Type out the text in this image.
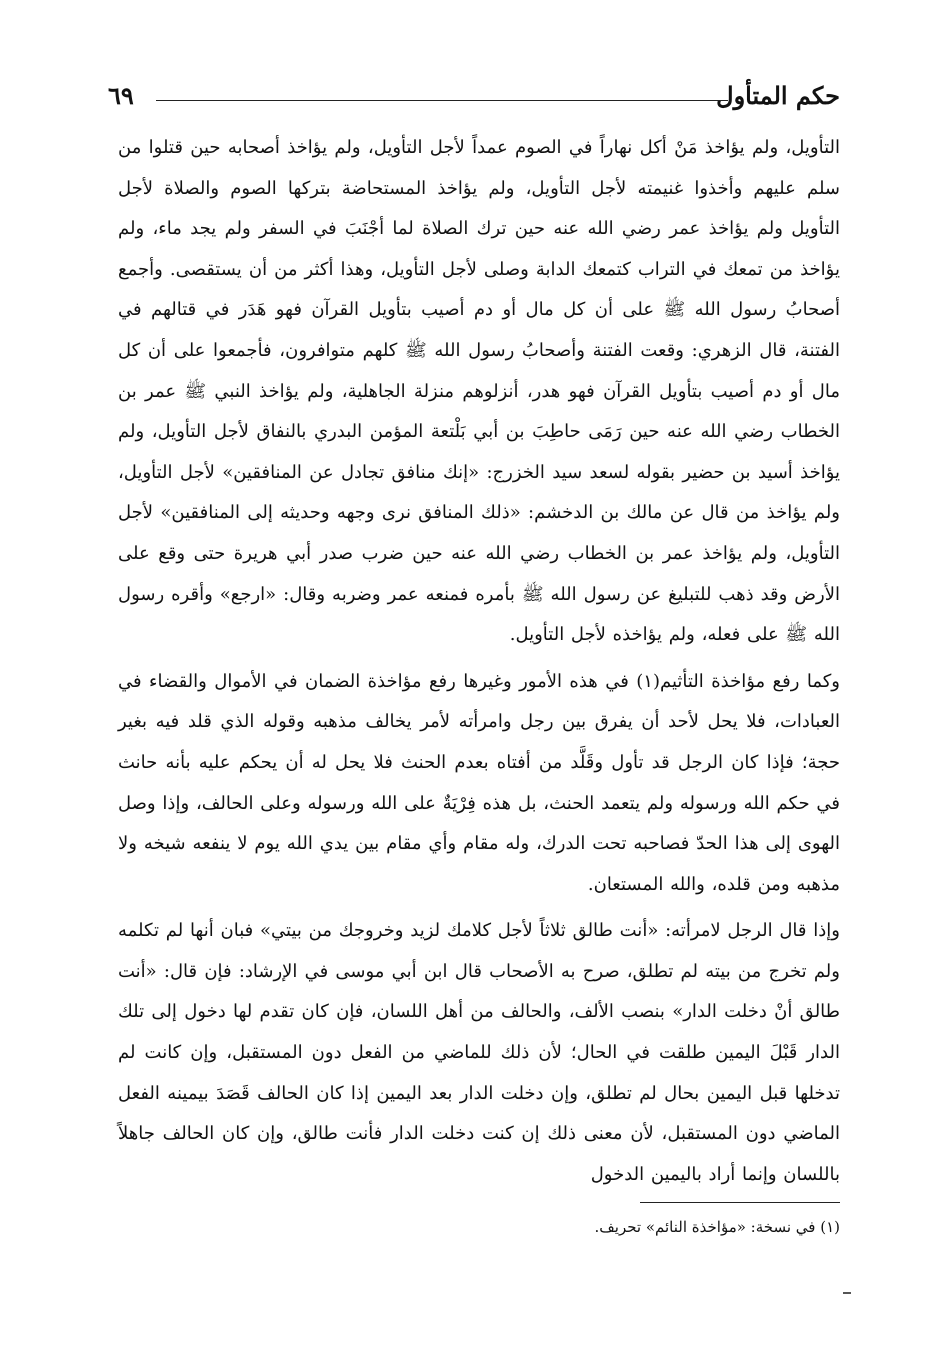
حكم المتأول
٦٩

التأويل، ولم يؤاخذ مَنْ أكل نهاراً في الصوم عمداً لأجل التأويل، ولم يؤاخذ أصحابه حين قتلوا من سلم عليهم وأخذوا غنيمته لأجل التأويل، ولم يؤاخذ المستحاضة بتركها الصوم والصلاة لأجل التأويل ولم يؤاخذ عمر رضي الله عنه حين ترك الصلاة لما أجْنَبَ في السفر ولم يجد ماء، ولم يؤاخذ من تمعك في التراب كتمعك الدابة وصلى لأجل التأويل، وهذا أكثر من أن يستقصى. وأجمع أصحابُ رسول الله ﷺ على أن كل مال أو دم أصيب بتأويل القرآن فهو هَدَر في قتالهم في الفتنة، قال الزهري: وقعت الفتنة وأصحابُ رسول الله ﷺ كلهم متوافرون، فأجمعوا على أن كل مال أو دم أصيب بتأويل القرآن فهو هدر، أنزلوهم منزلة الجاهلية، ولم يؤاخذ النبي ﷺ عمر بن الخطاب رضي الله عنه حين رَمَى حاطِبَ بن أبي بَلْتعة المؤمن البدري بالنفاق لأجل التأويل، ولم يؤاخذ أسيد بن حضير بقوله لسعد سيد الخزرج: «إنك منافق تجادل عن المنافقين» لأجل التأويل، ولم يؤاخذ من قال عن مالك بن الدخشم: «ذلك المنافق نرى وجهه وحديثه إلى المنافقين» لأجل التأويل، ولم يؤاخذ عمر بن الخطاب رضي الله عنه حين ضرب صدر أبي هريرة حتى وقع على الأرض وقد ذهب للتبليغ عن رسول الله ﷺ بأمره فمنعه عمر وضربه وقال: «ارجع» وأقره رسول الله ﷺ على فعله، ولم يؤاخذه لأجل التأويل.

وكما رفع مؤاخذة التأثيم(١) في هذه الأمور وغيرها رفع مؤاخذة الضمان في الأموال والقضاء في العبادات، فلا يحل لأحد أن يفرق بين رجل وامرأته لأمر يخالف مذهبه وقوله الذي قلد فيه بغير حجة؛ فإذا كان الرجل قد تأول وقَلَّد من أفتاه بعدم الحنث فلا يحل له أن يحكم عليه بأنه حانث في حكم الله ورسوله ولم يتعمد الحنث، بل هذه فِرْيَةٌ على الله ورسوله وعلى الحالف، وإذا وصل الهوى إلى هذا الحدّ فصاحبه تحت الدرك، وله مقام وأي مقام بين يدي الله يوم لا ينفعه شيخه ولا مذهبه ومن قلده، والله المستعان.

وإذا قال الرجل لامرأته: «أنت طالق ثلاثاً لأجل كلامك لزيد وخروجك من بيتي» فبان أنها لم تكلمه ولم تخرج من بيته لم تطلق، صرح به الأصحاب قال ابن أبي موسى في الإرشاد: فإن قال: «أنت طالق أنْ دخلت الدار» بنصب الألف، والحالف من أهل اللسان، فإن كان تقدم لها دخول إلى تلك الدار قَبْلَ اليمين طلقت في الحال؛ لأن ذلك للماضي من الفعل دون المستقبل، وإن كانت لم تدخلها قبل اليمين بحال لم تطلق، وإن دخلت الدار بعد اليمين إذا كان الحالف قَصَدَ بيمينه الفعل الماضي دون المستقبل، لأن معنى ذلك إن كنت دخلت الدار فأنت طالق، وإن كان الحالف جاهلاً باللسان وإنما أراد باليمين الدخول

(١) في نسخة: «مؤاخذة النائم» تحريف.
